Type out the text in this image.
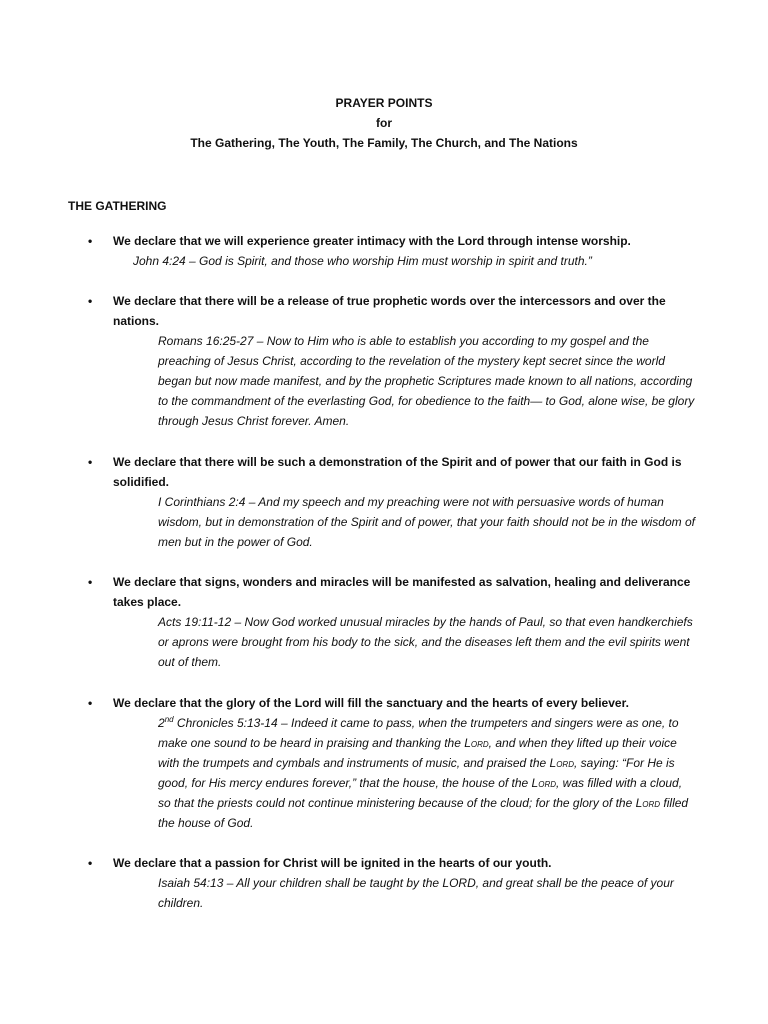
PRAYER POINTS
for
The Gathering, The Youth, The Family, The Church, and The Nations
THE GATHERING
• We declare that we will experience greater intimacy with the Lord through intense worship.
John 4:24 – God is Spirit, and those who worship Him must worship in spirit and truth.”
• We declare that there will be a release of true prophetic words over the intercessors and over the nations.
Romans 16:25-27 – Now to Him who is able to establish you according to my gospel and the preaching of Jesus Christ, according to the revelation of the mystery kept secret since the world began but now made manifest, and by the prophetic Scriptures made known to all nations, according to the commandment of the everlasting God, for obedience to the faith— to God, alone wise, be glory through Jesus Christ forever. Amen.
• We declare that there will be such a demonstration of the Spirit and of power that our faith in God is solidified.
I Corinthians 2:4 – And my speech and my preaching were not with persuasive words of human wisdom, but in demonstration of the Spirit and of power, that your faith should not be in the wisdom of men but in the power of God.
• We declare that signs, wonders and miracles will be manifested as salvation, healing and deliverance takes place.
Acts 19:11-12 – Now God worked unusual miracles by the hands of Paul, so that even handkerchiefs or aprons were brought from his body to the sick, and the diseases left them and the evil spirits went out of them.
• We declare that the glory of the Lord will fill the sanctuary and the hearts of every believer.
2nd Chronicles 5:13-14 – Indeed it came to pass, when the trumpeters and singers were as one, to make one sound to be heard in praising and thanking the Lord, and when they lifted up their voice with the trumpets and cymbals and instruments of music, and praised the Lord, saying: “For He is good, for His mercy endures forever,” that the house, the house of the Lord, was filled with a cloud, so that the priests could not continue ministering because of the cloud; for the glory of the Lord filled the house of God.
• We declare that a passion for Christ will be ignited in the hearts of our youth.
Isaiah 54:13 – All your children shall be taught by the LORD, and great shall be the peace of your children.
